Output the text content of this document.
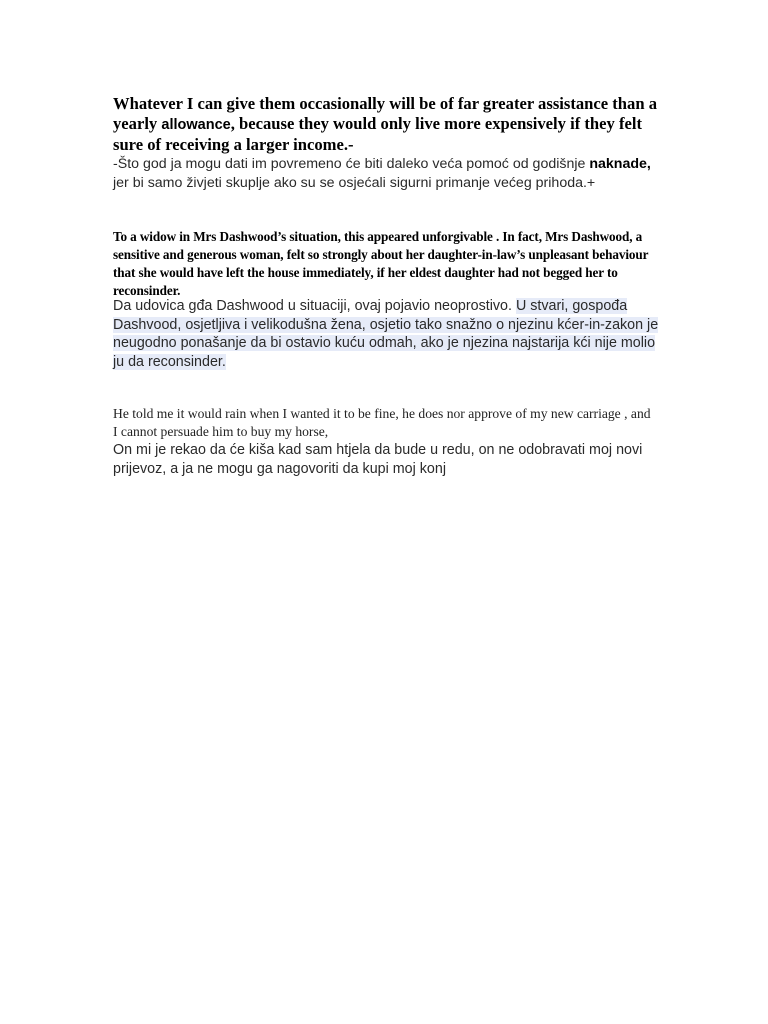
Whatever I can give them occasionally will be of far greater assistance than a yearly allowance, because they would only live more expensively if they felt sure of receiving a larger income.-
-Što god ja mogu dati im povremeno će biti daleko veća pomoć od godišnje naknade, jer bi samo živjeti skuplje ako su se osjećali sigurni primanje većeg prihoda.+
To a widow in Mrs Dashwood’s situation, this appeared unforgivable . In fact, Mrs Dashwood, a sensitive and generous woman, felt so strongly about her daughter-in-law’s unpleasant behaviour that she would have left the house immediately, if her eldest daughter had not begged her to reconsinder.
Da udovica gđa Dashwood u situaciji, ovaj pojavio neoprostivo. U stvari, gospođa Dashvood, osjetljiva i velikodušna žena, osjetio tako snažno o njezinu kćer-in-zakon je neugodno ponašanje da bi ostavio kuću odmah, ako je njezina najstarija kći nije molio ju da reconsinder.
He told me it would rain when I wanted it to be fine, he does nor approve of my new carriage , and I cannot persuade him to buy my horse,
On mi je rekao da će kiša kad sam htjela da bude u redu, on ne odobravati moj novi prijevoz, a ja ne mogu ga nagovoriti da kupi moj konj
